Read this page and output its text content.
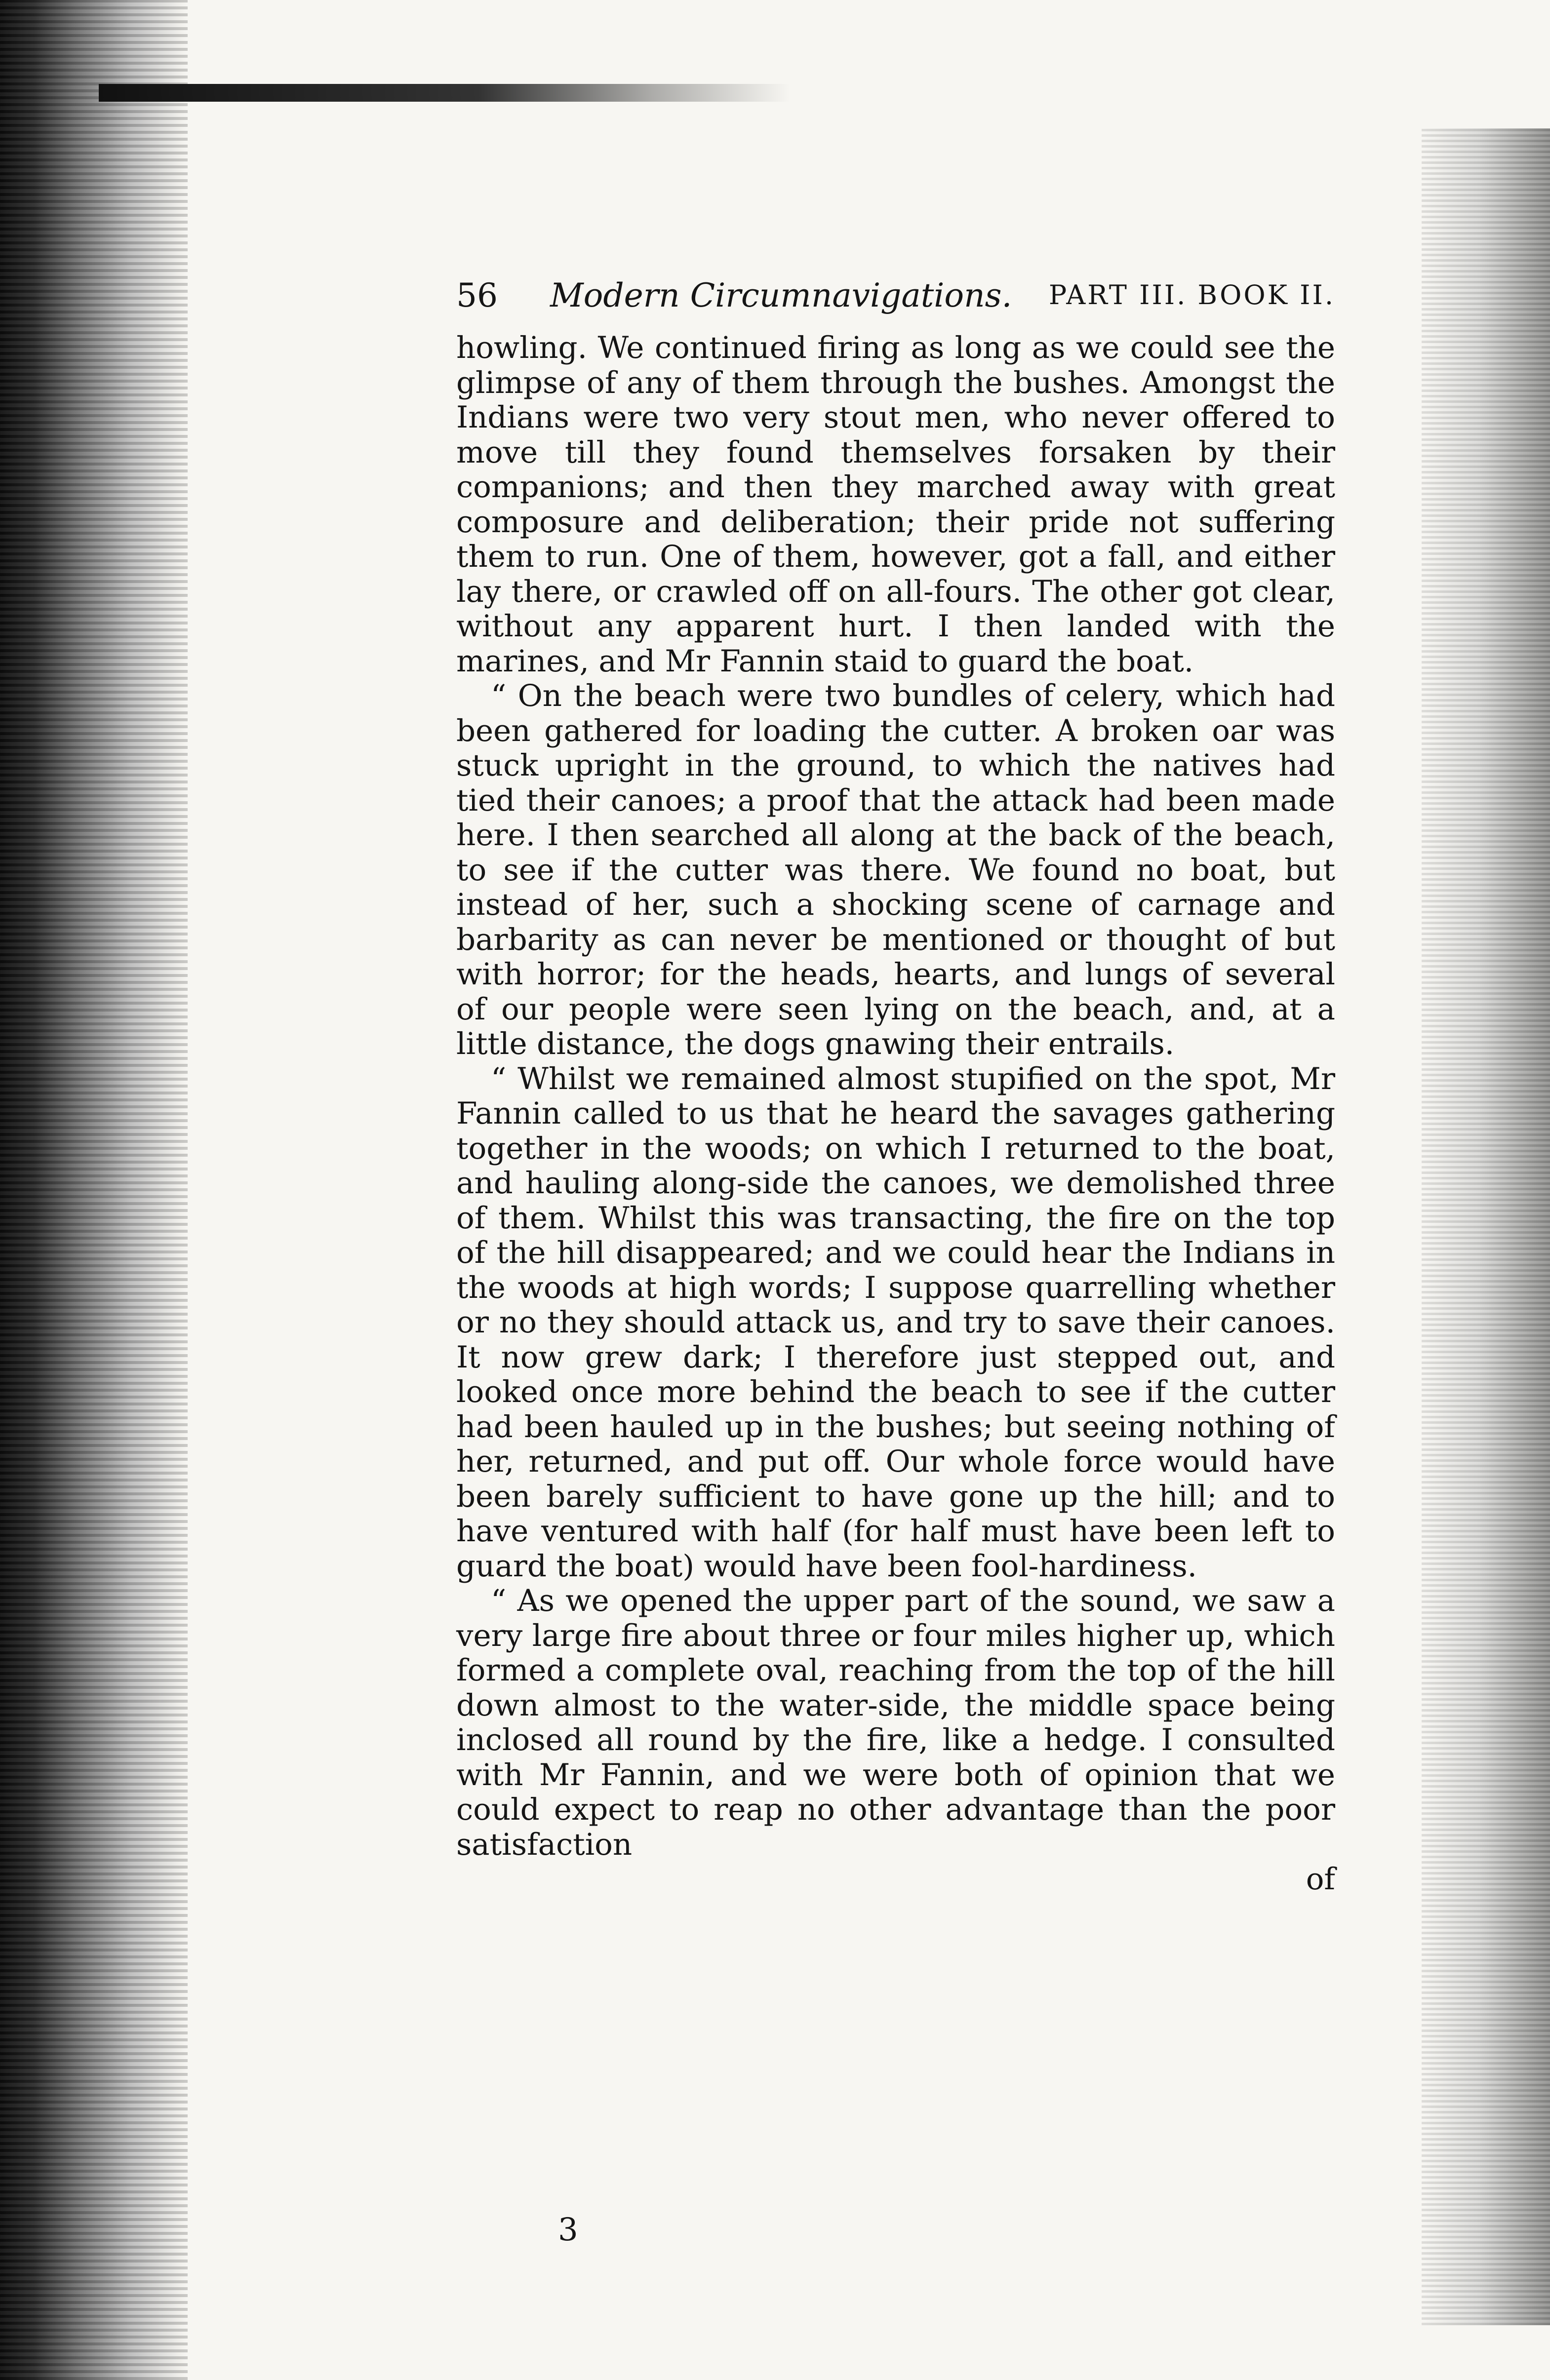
56 Modern Circumnavigations. PART III. BOOK II.

howling. We continued firing as long as we could see the glimpse of any of them through the bushes. Amongst the Indians were two very stout men, who never offered to move till they found themselves forsaken by their companions; and then they marched away with great composure and deliberation; their pride not suffering them to run. One of them, however, got a fall, and either lay there, or crawled off on all-fours. The other got clear, without any apparent hurt. I then landed with the marines, and Mr Fannin staid to guard the boat.

“ On the beach were two bundles of celery, which had been gathered for loading the cutter. A broken oar was stuck upright in the ground, to which the natives had tied their canoes; a proof that the attack had been made here. I then searched all along at the back of the beach, to see if the cutter was there. We found no boat, but instead of her, such a shocking scene of carnage and barbarity as can never be mentioned or thought of but with horror; for the heads, hearts, and lungs of several of our people were seen lying on the beach, and, at a little distance, the dogs gnawing their entrails.

“ Whilst we remained almost stupified on the spot, Mr Fannin called to us that he heard the savages gathering together in the woods; on which I returned to the boat, and hauling along-side the canoes, we demolished three of them. Whilst this was transacting, the fire on the top of the hill disappeared; and we could hear the Indians in the woods at high words; I suppose quarrelling whether or no they should attack us, and try to save their canoes. It now grew dark; I therefore just stepped out, and looked once more behind the beach to see if the cutter had been hauled up in the bushes; but seeing nothing of her, returned, and put off. Our whole force would have been barely sufficient to have gone up the hill; and to have ventured with half (for half must have been left to guard the boat) would have been fool-hardiness.

“ As we opened the upper part of the sound, we saw a very large fire about three or four miles higher up, which formed a complete oval, reaching from the top of the hill down almost to the water-side, the middle space being inclosed all round by the fire, like a hedge. I consulted with Mr Fannin, and we were both of opinion that we could expect to reap no other advantage than the poor satisfaction

of
3
